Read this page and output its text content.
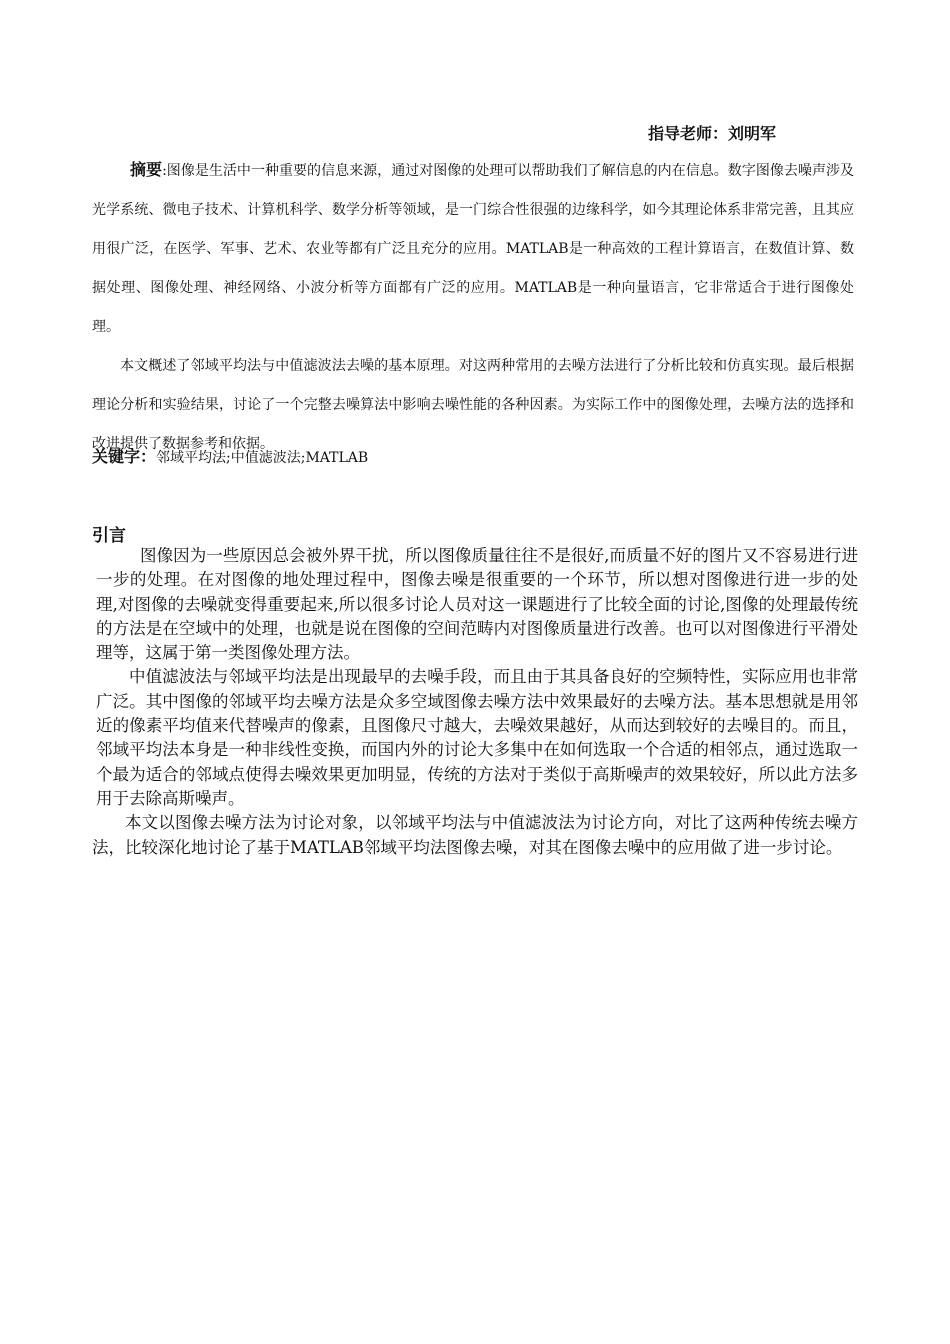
指导老师：刘明军

摘要:图像是生活中一种重要的信息来源，通过对图像的处理可以帮助我们了解信息的内在信息。数字图像去噪声涉及光学系统、微电子技术、计算机科学、数学分析等领域，是一门综合性很强的边缘科学，如今其理论体系非常完善，且其应用很广泛，在医学、军事、艺术、农业等都有广泛且充分的应用。MATLAB是一种高效的工程计算语言，在数值计算、数据处理、图像处理、神经网络、小波分析等方面都有广泛的应用。MATLAB是一种向量语言，它非常适合于进行图像处理。

本文概述了邻域平均法与中值滤波法去噪的基本原理。对这两种常用的去噪方法进行了分析比较和仿真实现。最后根据理论分析和实验结果，讨论了一个完整去噪算法中影响去噪性能的各种因素。为实际工作中的图像处理，去噪方法的选择和改进提供了数据参考和依据。

关键字：邻域平均法;中值滤波法;MATLAB
引言

图像因为一些原因总会被外界干扰，所以图像质量往往不是很好,而质量不好的图片又不容易进行进一步的处理。在对图像的地处理过程中，图像去噪是很重要的一个环节，所以想对图像进行进一步的处理,对图像的去噪就变得重要起来,所以很多讨论人员对这一课题进行了比较全面的讨论,图像的处理最传统的方法是在空域中的处理，也就是说在图像的空间范畴内对图像质量进行改善。也可以对图像进行平滑处理等，这属于第一类图像处理方法。

中值滤波法与邻域平均法是出现最早的去噪手段，而且由于其具备良好的空频特性，实际应用也非常广泛。其中图像的邻域平均去噪方法是众多空域图像去噪方法中效果最好的去噪方法。基本思想就是用邻近的像素平均值来代替噪声的像素，且图像尺寸越大，去噪效果越好，从而达到较好的去噪目的。而且，邻域平均法本身是一种非线性变换，而国内外的讨论大多集中在如何选取一个合适的相邻点，通过选取一个最为适合的邻域点使得去噪效果更加明显，传统的方法对于类似于高斯噪声的效果较好，所以此方法多用于去除高斯噪声。

本文以图像去噪方法为讨论对象，以邻域平均法与中值滤波法为讨论方向，对比了这两种传统去噪方法，比较深化地讨论了基于MATLAB邻域平均法图像去噪，对其在图像去噪中的应用做了进一步讨论。
